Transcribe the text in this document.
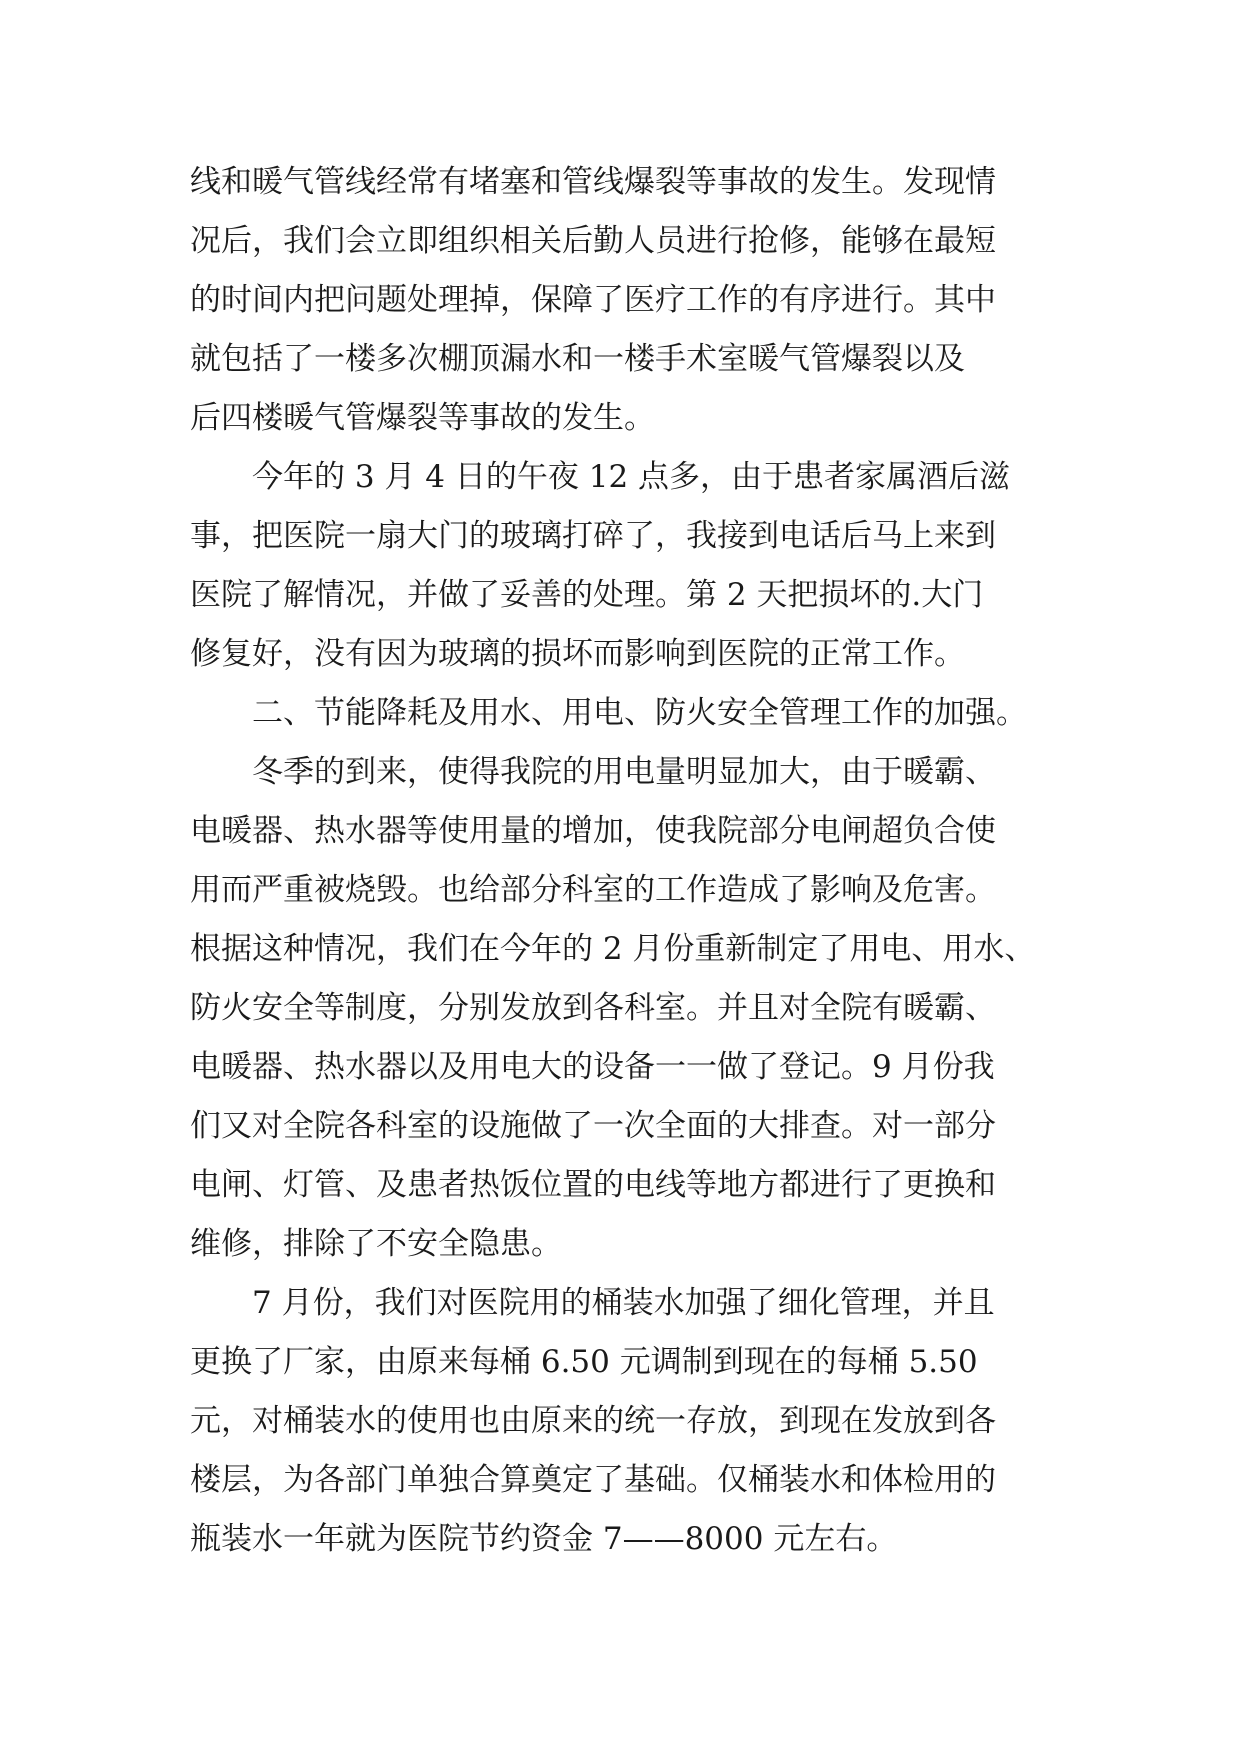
线和暖气管线经常有堵塞和管线爆裂等事故的发生。发现情
况后，我们会立即组织相关后勤人员进行抢修，能够在最短
的时间内把问题处理掉，保障了医疗工作的有序进行。其中
就包括了一楼多次棚顶漏水和一楼手术室暖气管爆裂以及
后四楼暖气管爆裂等事故的发生。
　　今年的 3 月 4 日的午夜 12 点多，由于患者家属酒后滋
事，把医院一扇大门的玻璃打碎了，我接到电话后马上来到
医院了解情况，并做了妥善的处理。第 2 天把损坏的.大门
修复好，没有因为玻璃的损坏而影响到医院的正常工作。
　　二、节能降耗及用水、用电、防火安全管理工作的加强。
　　冬季的到来，使得我院的用电量明显加大，由于暖霸、
电暖器、热水器等使用量的增加，使我院部分电闸超负合使
用而严重被烧毁。也给部分科室的工作造成了影响及危害。
根据这种情况，我们在今年的 2 月份重新制定了用电、用水、
防火安全等制度，分别发放到各科室。并且对全院有暖霸、
电暖器、热水器以及用电大的设备一一做了登记。9 月份我
们又对全院各科室的设施做了一次全面的大排查。对一部分
电闸、灯管、及患者热饭位置的电线等地方都进行了更换和
维修，排除了不安全隐患。
　　7 月份，我们对医院用的桶装水加强了细化管理，并且
更换了厂家，由原来每桶 6.50 元调制到现在的每桶 5.50
元，对桶装水的使用也由原来的统一存放，到现在发放到各
楼层，为各部门单独合算奠定了基础。仅桶装水和体检用的
瓶装水一年就为医院节约资金 7——8000 元左右。
